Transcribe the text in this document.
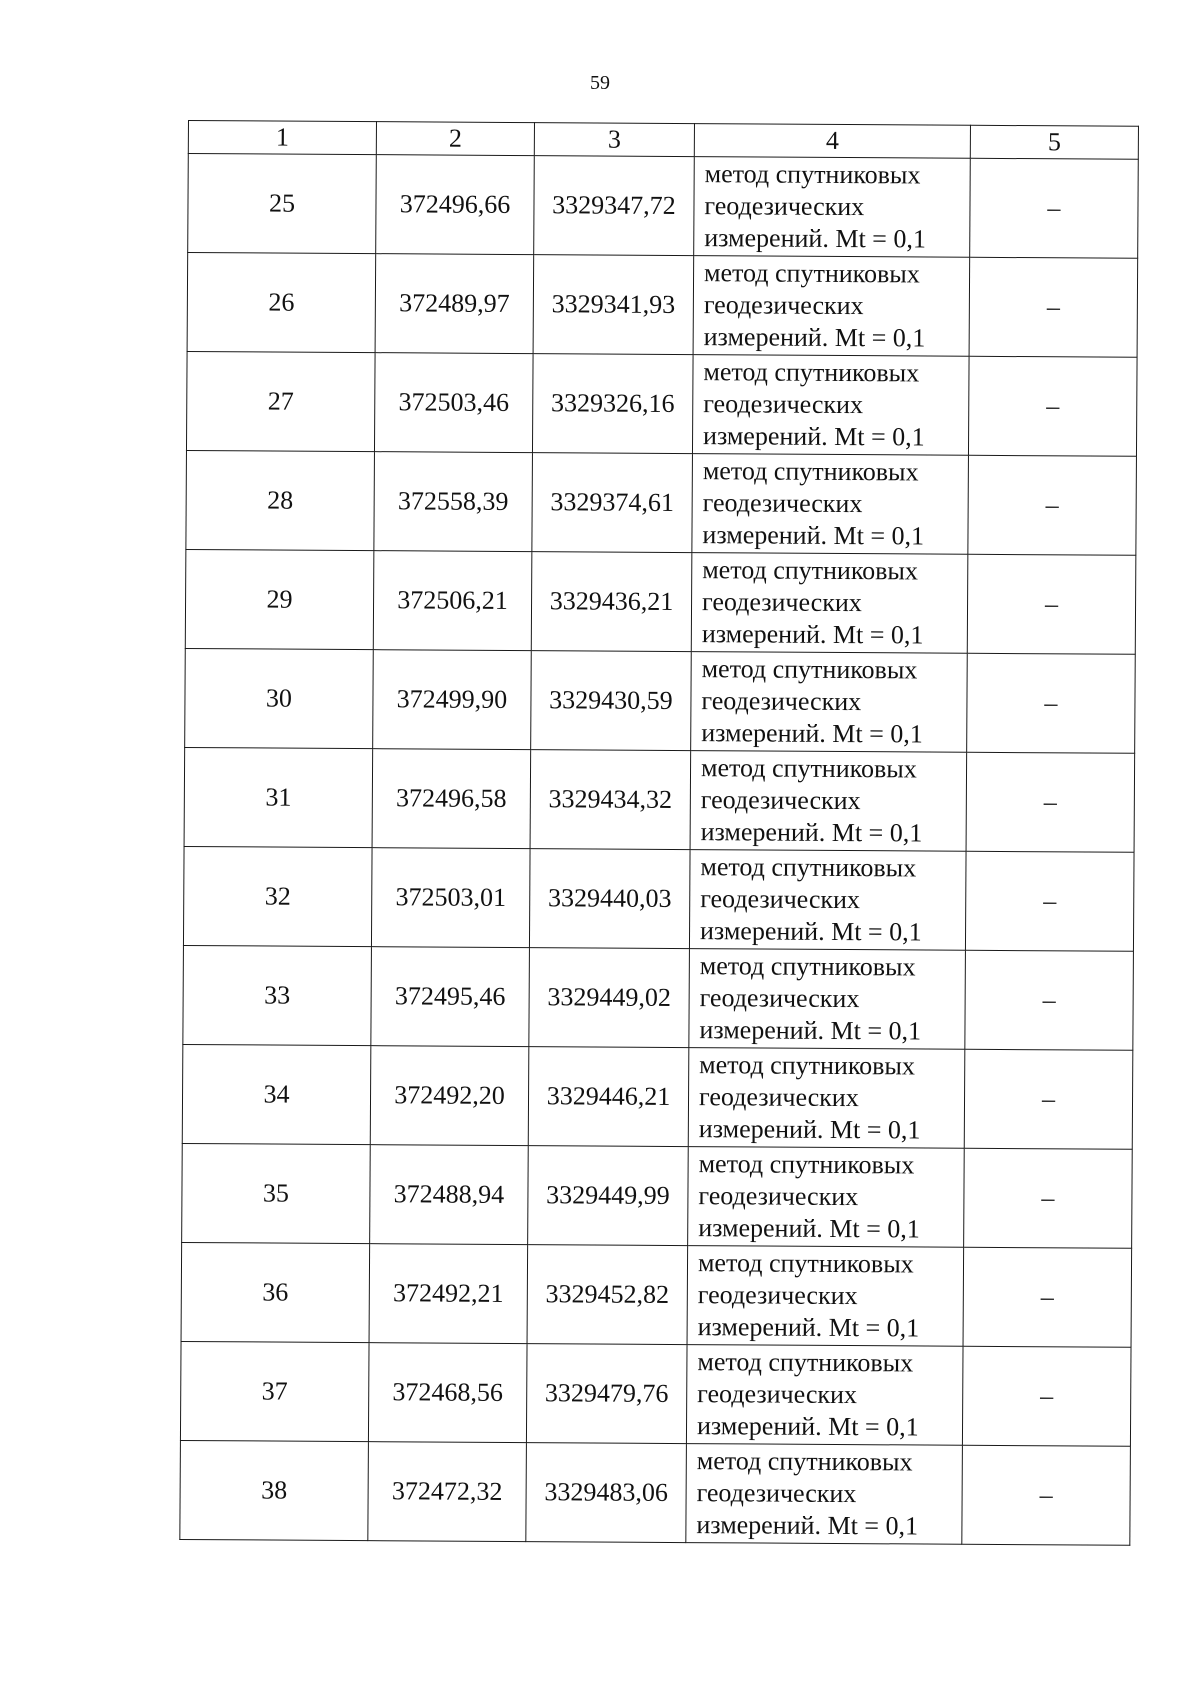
59
1	2	3	4	5
25	372496,66	3329347,72	метод спутниковых
геодезических
измерений. Mt = 0,1	–
26	372489,97	3329341,93	метод спутниковых
геодезических
измерений. Mt = 0,1	–
27	372503,46	3329326,16	метод спутниковых
геодезических
измерений. Mt = 0,1	–
28	372558,39	3329374,61	метод спутниковых
геодезических
измерений. Mt = 0,1	–
29	372506,21	3329436,21	метод спутниковых
геодезических
измерений. Mt = 0,1	–
30	372499,90	3329430,59	метод спутниковых
геодезических
измерений. Mt = 0,1	–
31	372496,58	3329434,32	метод спутниковых
геодезических
измерений. Mt = 0,1	–
32	372503,01	3329440,03	метод спутниковых
геодезических
измерений. Mt = 0,1	–
33	372495,46	3329449,02	метод спутниковых
геодезических
измерений. Mt = 0,1	–
34	372492,20	3329446,21	метод спутниковых
геодезических
измерений. Mt = 0,1	–
35	372488,94	3329449,99	метод спутниковых
геодезических
измерений. Mt = 0,1	–
36	372492,21	3329452,82	метод спутниковых
геодезических
измерений. Mt = 0,1	–
37	372468,56	3329479,76	метод спутниковых
геодезических
измерений. Mt = 0,1	–
38	372472,32	3329483,06	метод спутниковых
геодезических
измерений. Mt = 0,1	–
